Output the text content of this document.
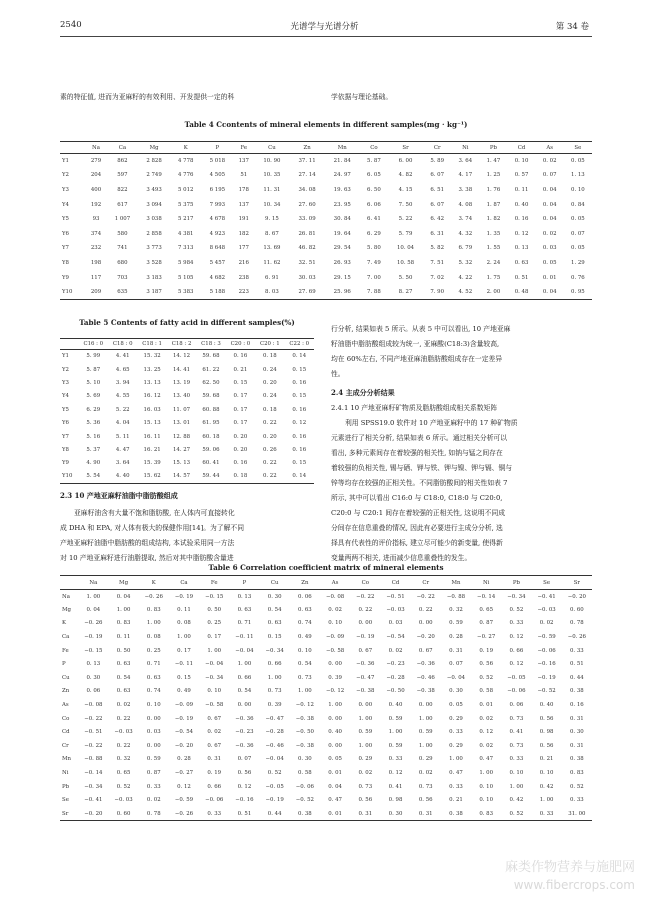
2540	光谱学与光谱分析	第 34 卷
素的特征值, 进而为亚麻籽的有效利用、开发提供一定的科	学依据与理论基础。
Table 4 Ccontents of mineral elements in different samples(mg · kg⁻¹)
	Na	Ca	Mg	K	P	Fe	Cu	Zn	Mn	Co	Sr	Cr	Ni	Pb	Cd	As	Se
Y1	279	862	2 828	4 778	5 018	137	10. 90	37. 11	21. 84	5. 87	6. 00	5. 89	3. 64	1. 47	0. 10	0. 02	0. 05
Y2	204	597	2 749	4 776	4 505	51	10. 35	27. 14	24. 97	6. 05	4. 82	6. 07	4. 17	1. 25	0. 57	0. 07	1. 13
Y3	400	822	3 493	5 012	6 195	178	11. 31	34. 08	19. 63	6. 50	4. 15	6. 51	3. 38	1. 76	0. 11	0. 04	0. 10
Y4	192	617	3 094	5 375	7 993	137	10. 34	27. 60	23. 95	6. 06	7. 50	6. 07	4. 08	1. 87	0. 40	0. 04	0. 84
Y5	93	1 007	3 038	5 217	4 678	191	9. 15	33. 09	30. 84	6. 41	5. 22	6. 42	3. 74	1. 82	0. 16	0. 04	0. 05
Y6	374	580	2 858	4 381	4 923	182	8. 67	26. 81	19. 64	6. 29	5. 79	6. 31	4. 32	1. 35	0. 12	0. 02	0. 07
Y7	232	741	3 773	7 313	8 648	177	13. 69	46. 82	29. 54	5. 80	10. 04	5. 82	6. 79	1. 55	0. 13	0. 03	0. 05
Y8	198	680	3 528	5 984	5 457	216	11. 62	32. 51	26. 93	7. 49	10. 58	7. 51	5. 32	2. 24	0. 63	0. 05	1. 29
Y9	117	703	3 183	5 105	4 682	238	6. 91	30. 03	29. 15	7. 00	5. 50	7. 02	4. 22	1. 75	0. 51	0. 01	0. 76
Y10	209	635	3 187	5 383	5 188	223	8. 03	27. 69	25. 96	7. 88	8. 27	7. 90	4. 52	2. 00	0. 48	0. 04	0. 95
Table 5 Contents of fatty acid in different samples(%)
	C16 : 0	C18 : 0	C18 : 1	C18 : 2	C18 : 3	C20 : 0	C20 : 1	C22 : 0
Y1	5. 99	4. 41	15. 32	14. 12	59. 68	0. 16	0. 18	0. 14
Y2	5. 87	4. 65	13. 25	14. 41	61. 22	0. 21	0. 24	0. 15
Y3	5. 10	3. 94	13. 13	13. 19	62. 50	0. 15	0. 20	0. 16
Y4	5. 69	4. 55	16. 12	13. 40	59. 68	0. 17	0. 24	0. 15
Y5	6. 29	5. 22	16. 03	11. 07	60. 88	0. 17	0. 18	0. 16
Y6	5. 36	4. 04	15. 13	13. 01	61. 95	0. 17	0. 22	0. 12
Y7	5. 16	5. 11	16. 11	12. 88	60. 18	0. 20	0. 20	0. 16
Y8	5. 37	4. 47	16. 21	14. 27	59. 06	0. 20	0. 26	0. 16
Y9	4. 90	3. 64	15. 39	15. 13	60. 41	0. 16	0. 22	0. 15
Y10	5. 54	4. 40	15. 62	14. 57	59. 44	0. 18	0. 22	0. 14
行分析, 结果如表 5 所示。从表 5 中可以看出, 10 产地亚麻
籽油脂中脂肪酸组成较为统一, 亚麻酸(C18:3)含量较高,
均在 60%左右, 不同产地亚麻油脂肪酸组成存在一定差异
性。
2.4 主成分分析结果
2.4.1 10 产地亚麻籽矿物质及脂肪酸组成相关系数矩阵
利用 SPSS19.0 软件对 10 产地亚麻籽中的 17 种矿物质
元素进行了相关分析, 结果如表 6 所示。通过相关分析可以
看出, 多种元素间存在着较强的相关性, 如钠与锰之间存在
着较强的负相关性, 锡与硒、钾与铁、钾与镍、钾与镉、铜与
锌等均存在较强的正相关性。不同脂肪酸间的相关性如表 7
所示, 其中可以看出 C16:0 与 C18:0, C18:0 与 C20:0,
C20:0 与 C20:1 间存在着较强的正相关性, 这说明不同成
分间存在信息重叠的情况, 因此有必要进行主成分分析, 选
择具有代表性的评价指标, 建立尽可能少的新变量, 使得新
变量两两不相关, 进而减少信息重叠性的发生。
2.3 10 产地亚麻籽油脂中脂肪酸组成
亚麻籽油含有大量不饱和脂肪酸, 在人体内可直接转化
成 DHA 和 EPA, 对人体有极大的保健作用[14]。为了解不同
产地亚麻籽油脂中脂肪酸的组成结构, 本试验采用同一方法
对 10 产地亚麻籽进行油脂提取, 然后对其中脂肪酸含量进
Table 6 Correlation coefficient matrix of mineral elements
	Na	Mg	K	Ca	Fe	P	Cu	Zn	As	Co	Cd	Cr	Mn	Ni	Pb	Se	Sr
Na	1. 00	0. 04	−0. 26	−0. 19	−0. 15	0. 13	0. 30	0. 06	−0. 08	−0. 22	−0. 51	−0. 22	−0. 88	−0. 14	−0. 34	−0. 41	−0. 20
Mg	0. 04	1. 00	0. 83	0. 11	0. 50	0. 63	0. 54	0. 63	0. 02	0. 22	−0. 03	0. 22	0. 32	0. 65	0. 52	−0. 03	0. 60
K	−0. 26	0. 83	1. 00	0. 08	0. 25	0. 71	0. 63	0. 74	0. 10	0. 00	0. 03	0. 00	0. 59	0. 87	0. 33	0. 02	0. 78
Ca	−0. 19	0. 11	0. 08	1. 00	0. 17	−0. 11	0. 15	0. 49	−0. 09	−0. 19	−0. 54	−0. 20	0. 28	−0. 27	0. 12	−0. 59	−0. 26
Fe	−0. 15	0. 50	0. 25	0. 17	1. 00	−0. 04	−0. 34	0. 10	−0. 58	0. 67	0. 02	0. 67	0. 31	0. 19	0. 66	−0. 06	0. 33
P	0. 13	0. 63	0. 71	−0. 11	−0. 04	1. 00	0. 66	0. 54	0. 00	−0. 36	−0. 23	−0. 36	0. 07	0. 56	0. 12	−0. 16	0. 51
Cu	0. 30	0. 54	0. 63	0. 15	−0. 34	0. 66	1. 00	0. 73	0. 39	−0. 47	−0. 28	−0. 46	−0. 04	0. 52	−0. 05	−0. 19	0. 44
Zn	0. 06	0. 63	0. 74	0. 49	0. 10	0. 54	0. 73	1. 00	−0. 12	−0. 38	−0. 50	−0. 38	0. 30	0. 58	−0. 06	−0. 52	0. 38
As	−0. 08	0. 02	0. 10	−0. 09	−0. 58	0. 00	0. 39	−0. 12	1. 00	0. 00	0. 40	0. 00	0. 05	0. 01	0. 06	0. 40	0. 16
Co	−0. 22	0. 22	0. 00	−0. 19	0. 67	−0. 36	−0. 47	−0. 38	0. 00	1. 00	0. 59	1. 00	0. 29	0. 02	0. 73	0. 56	0. 31
Cd	−0. 51	−0. 03	0. 03	−0. 54	0. 02	−0. 23	−0. 28	−0. 50	0. 40	0. 59	1. 00	0. 59	0. 33	0. 12	0. 41	0. 98	0. 30
Cr	−0. 22	0. 22	0. 00	−0. 20	0. 67	−0. 36	−0. 46	−0. 38	0. 00	1. 00	0. 59	1. 00	0. 29	0. 02	0. 73	0. 56	0. 31
Mn	−0. 88	0. 32	0. 59	0. 28	0. 31	0. 07	−0. 04	0. 30	0. 05	0. 29	0. 33	0. 29	1. 00	0. 47	0. 33	0. 21	0. 38
Ni	−0. 14	0. 65	0. 87	−0. 27	0. 19	0. 56	0. 52	0. 58	0. 01	0. 02	0. 12	0. 02	0. 47	1. 00	0. 10	0. 10	0. 83
Pb	−0. 34	0. 52	0. 33	0. 12	0. 66	0. 12	−0. 05	−0. 06	0. 04	0. 73	0. 41	0. 73	0. 33	0. 10	1. 00	0. 42	0. 52
Se	−0. 41	−0. 03	0. 02	−0. 59	−0. 06	−0. 16	−0. 19	−0. 52	0. 47	0. 56	0. 98	0. 56	0. 21	0. 10	0. 42	1. 00	0. 33
Sr	−0. 20	0. 60	0. 78	−0. 26	0. 33	0. 51	0. 44	0. 38	0. 01	0. 31	0. 30	0. 31	0. 38	0. 83	0. 52	0. 33	31. 00
麻类作物营养与施肥网
www.fibercrops.com
